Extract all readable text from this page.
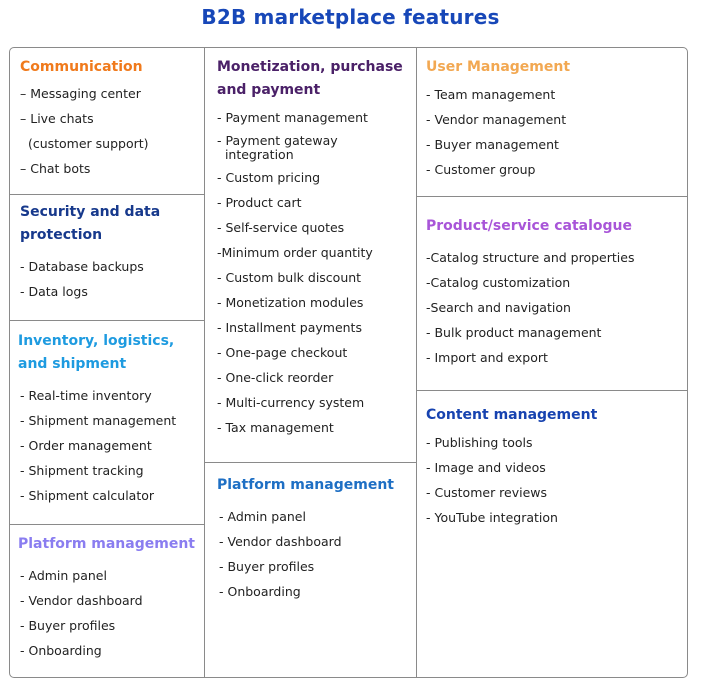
B2B marketplace features
Communication
– Messaging center
– Live chats
(customer support)
– Chat bots
Security and data
protection
- Database backups
- Data logs
Inventory, logistics,
and shipment
- Real-time inventory
- Shipment management
- Order management
- Shipment tracking
- Shipment calculator
Platform management
- Admin panel
- Vendor dashboard
- Buyer profiles
- Onboarding
Monetization, purchase
and payment
- Payment management
- Payment gateway
integration
- Custom pricing
- Product cart
- Self-service quotes
-Minimum order quantity
- Custom bulk discount
- Monetization modules
- Installment payments
- One-page checkout
- One-click reorder
- Multi-currency system
- Tax management
Platform management
- Admin panel
- Vendor dashboard
- Buyer profiles
- Onboarding
User Management
- Team management
- Vendor management
- Buyer management
- Customer group
Product/service catalogue
-Catalog structure and properties
-Catalog customization
-Search and navigation
- Bulk product management
- Import and export
Content management
- Publishing tools
- Image and videos
- Customer reviews
- YouTube integration
